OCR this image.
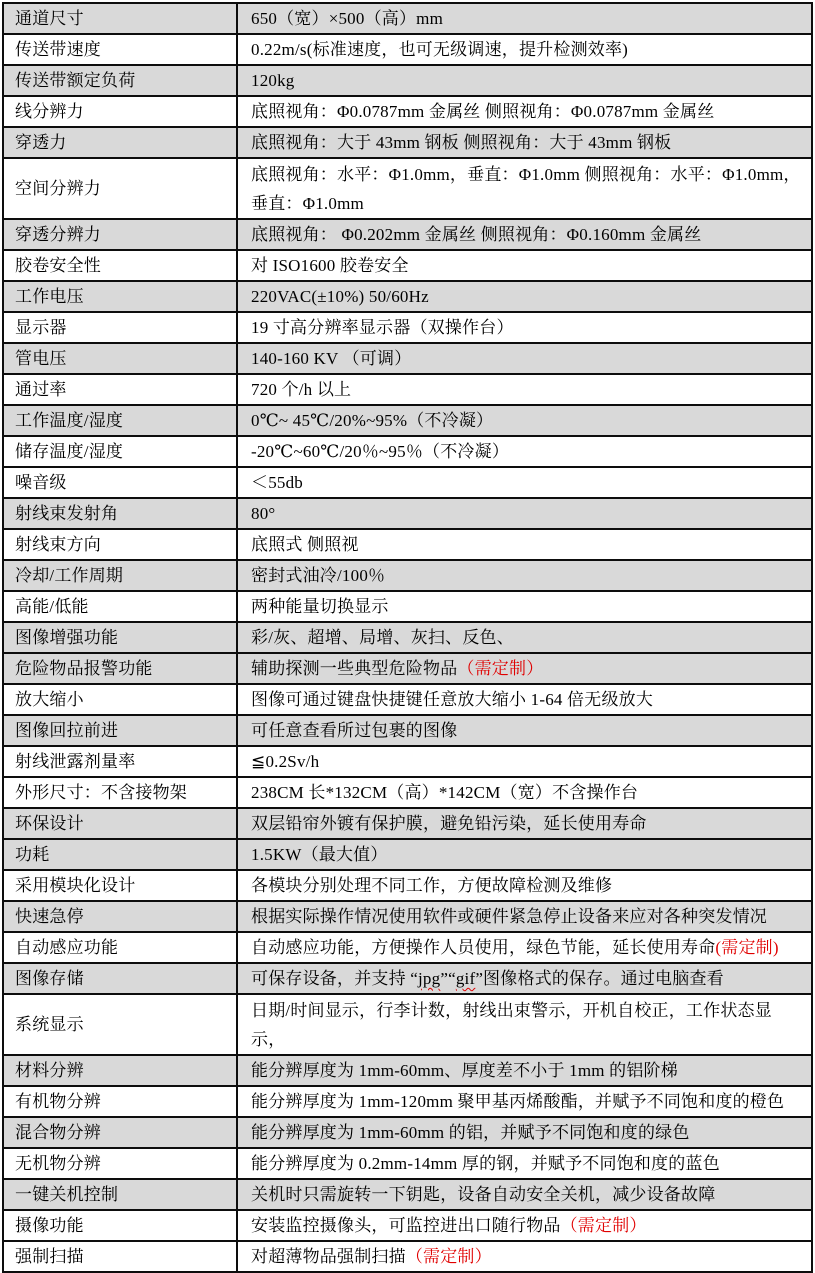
通道尺寸	650（宽）×500（高）mm
传送带速度	0.22m/s(标准速度，也可无级调速，提升检测效率)
传送带额定负荷	120kg
线分辨力	底照视角：Φ0.0787mm 金属丝 侧照视角：Φ0.0787mm 金属丝
穿透力	底照视角：大于 43mm 钢板 侧照视角：大于 43mm 钢板
空间分辨力	底照视角：水平：Φ1.0mm，垂直：Φ1.0mm 侧照视角：水平：Φ1.0mm，垂直：Φ1.0mm
穿透分辨力	底照视角： Φ0.202mm 金属丝 侧照视角：Φ0.160mm 金属丝
胶卷安全性	对 ISO1600 胶卷安全
工作电压	220VAC(±10%) 50/60Hz
显示器	19 寸高分辨率显示器（双操作台）
管电压	140-160 KV （可调）
通过率	720 个/h 以上
工作温度/湿度	0℃~ 45℃/20%~95%（不冷凝）
储存温度/湿度	-20℃~60℃/20％~95％（不冷凝）
噪音级	＜55db
射线束发射角	80°
射线束方向	底照式 侧照视
冷却/工作周期	密封式油冷/100％
高能/低能	两种能量切换显示
图像增强功能	彩/灰、超增、局增、灰扫、反色、
危险物品报警功能	辅助探测一些典型危险物品（需定制）
放大缩小	图像可通过键盘快捷键任意放大缩小 1-64 倍无级放大
图像回拉前进	可任意查看所过包裹的图像
射线泄露剂量率	≦0.2Sv/h
外形尺寸：不含接物架	238CM 长*132CM（高）*142CM（宽）不含操作台
环保设计	双层铅帘外镀有保护膜，避免铅污染，延长使用寿命
功耗	1.5KW（最大值）
采用模块化设计	各模块分别处理不同工作，方便故障检测及维修
快速急停	根据实际操作情况使用软件或硬件紧急停止设备来应对各种突发情况
自动感应功能	自动感应功能，方便操作人员使用，绿色节能，延长使用寿命(需定制)
图像存储	可保存设备，并支持 “jpg”“gif”图像格式的保存。通过电脑查看
系统显示	日期/时间显示，行李计数，射线出束警示，开机自校正，工作状态显示，
材料分辨	能分辨厚度为 1mm-60mm、厚度差不小于 1mm 的铝阶梯
有机物分辨	能分辨厚度为 1mm-120mm 聚甲基丙烯酸酯，并赋予不同饱和度的橙色
混合物分辨	能分辨厚度为 1mm-60mm 的铝，并赋予不同饱和度的绿色
无机物分辨	能分辨厚度为 0.2mm-14mm 厚的钢，并赋予不同饱和度的蓝色
一键关机控制	关机时只需旋转一下钥匙，设备自动安全关机，减少设备故障
摄像功能	安装监控摄像头，可监控进出口随行物品（需定制）
强制扫描	对超薄物品强制扫描（需定制）
